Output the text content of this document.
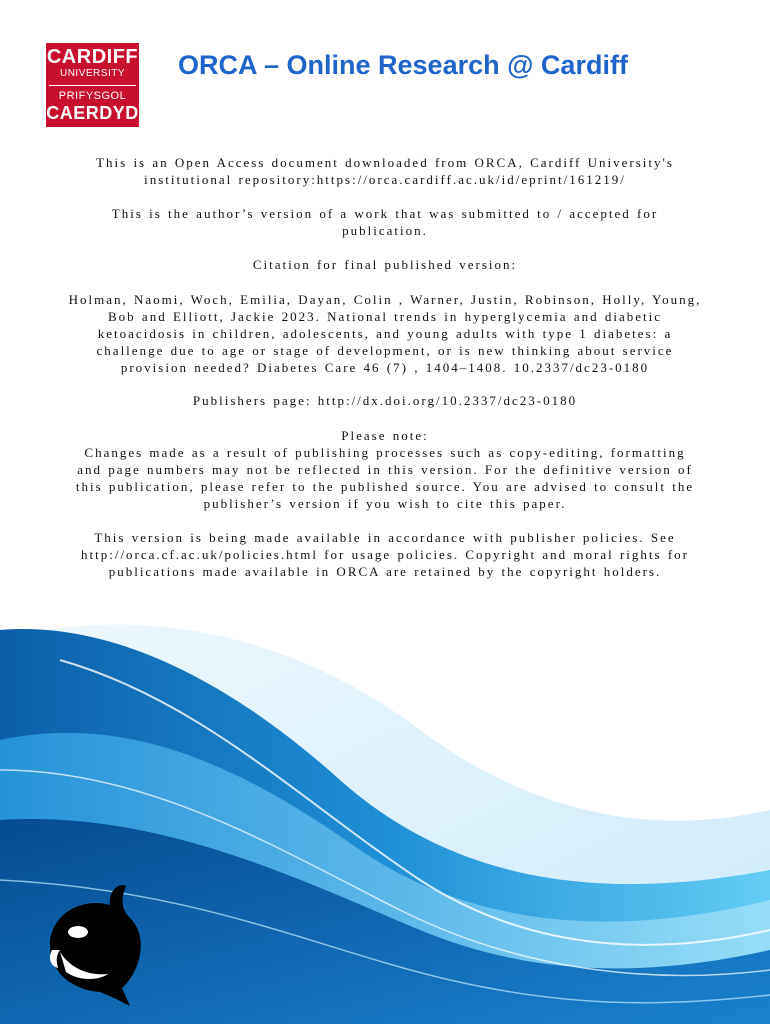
CARDIFF
UNIVERSITY
PRIFYSGOL
CAERDYD
ORCA – Online Research @ Cardiff

This is an Open Access document downloaded from ORCA, Cardiff University's
institutional repository:https://orca.cardiff.ac.uk/id/eprint/161219/

This is the author’s version of a work that was submitted to / accepted for
publication.

Citation for final published version:

Holman, Naomi, Woch, Emilia, Dayan, Colin , Warner, Justin, Robinson, Holly, Young,
Bob and Elliott, Jackie 2023. National trends in hyperglycemia and diabetic
ketoacidosis in children, adolescents, and young adults with type 1 diabetes: a
challenge due to age or stage of development, or is new thinking about service
provision needed? Diabetes Care 46 (7) , 1404–1408. 10.2337/dc23-0180

Publishers page: http://dx.doi.org/10.2337/dc23-0180

Please note:
Changes made as a result of publishing processes such as copy-editing, formatting
and page numbers may not be reflected in this version. For the definitive version of
this publication, please refer to the published source. You are advised to consult the
publisher’s version if you wish to cite this paper.

This version is being made available in accordance with publisher policies. See
http://orca.cf.ac.uk/policies.html for usage policies. Copyright and moral rights for
publications made available in ORCA are retained by the copyright holders.
